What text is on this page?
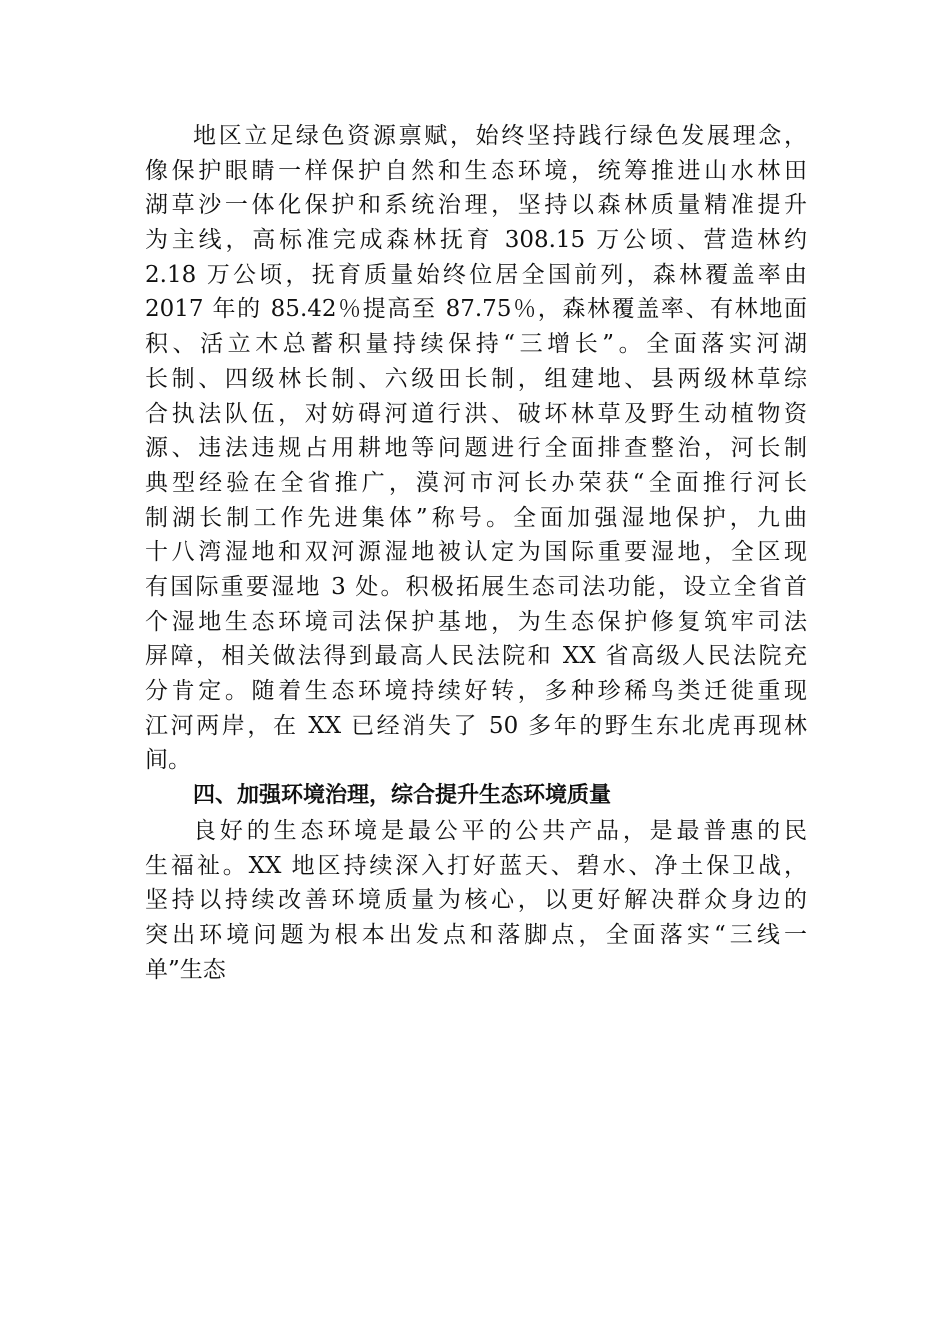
地区立足绿色资源禀赋，始终坚持践行绿色发展理念，
像保护眼睛一样保护自然和生态环境，统筹推进山水林田
湖草沙一体化保护和系统治理，坚持以森林质量精准提升
为主线，高标准完成森林抚育 308.15 万公顷、营造林约
2.18 万公顷，抚育质量始终位居全国前列，森林覆盖率由
2017 年的 85.42％提高至 87.75％，森林覆盖率、有林地面
积、活立木总蓄积量持续保持“三增长”。全面落实河湖
长制、四级林长制、六级田长制，组建地、县两级林草综
合执法队伍，对妨碍河道行洪、破坏林草及野生动植物资
源、违法违规占用耕地等问题进行全面排查整治，河长制
典型经验在全省推广，漠河市河长办荣获“全面推行河长
制湖长制工作先进集体”称号。全面加强湿地保护，九曲
十八湾湿地和双河源湿地被认定为国际重要湿地，全区现
有国际重要湿地 3 处。积极拓展生态司法功能，设立全省首
个湿地生态环境司法保护基地，为生态保护修复筑牢司法
屏障，相关做法得到最高人民法院和 XX 省高级人民法院充
分肯定。随着生态环境持续好转，多种珍稀鸟类迁徙重现
江河两岸，在 XX 已经消失了 50 多年的野生东北虎再现林
间。
四、加强环境治理，综合提升生态环境质量
良好的生态环境是最公平的公共产品，是最普惠的民
生福祉。XX 地区持续深入打好蓝天、碧水、净土保卫战，
坚持以持续改善环境质量为核心，以更好解决群众身边的
突出环境问题为根本出发点和落脚点，全面落实“三线一
单”生态
